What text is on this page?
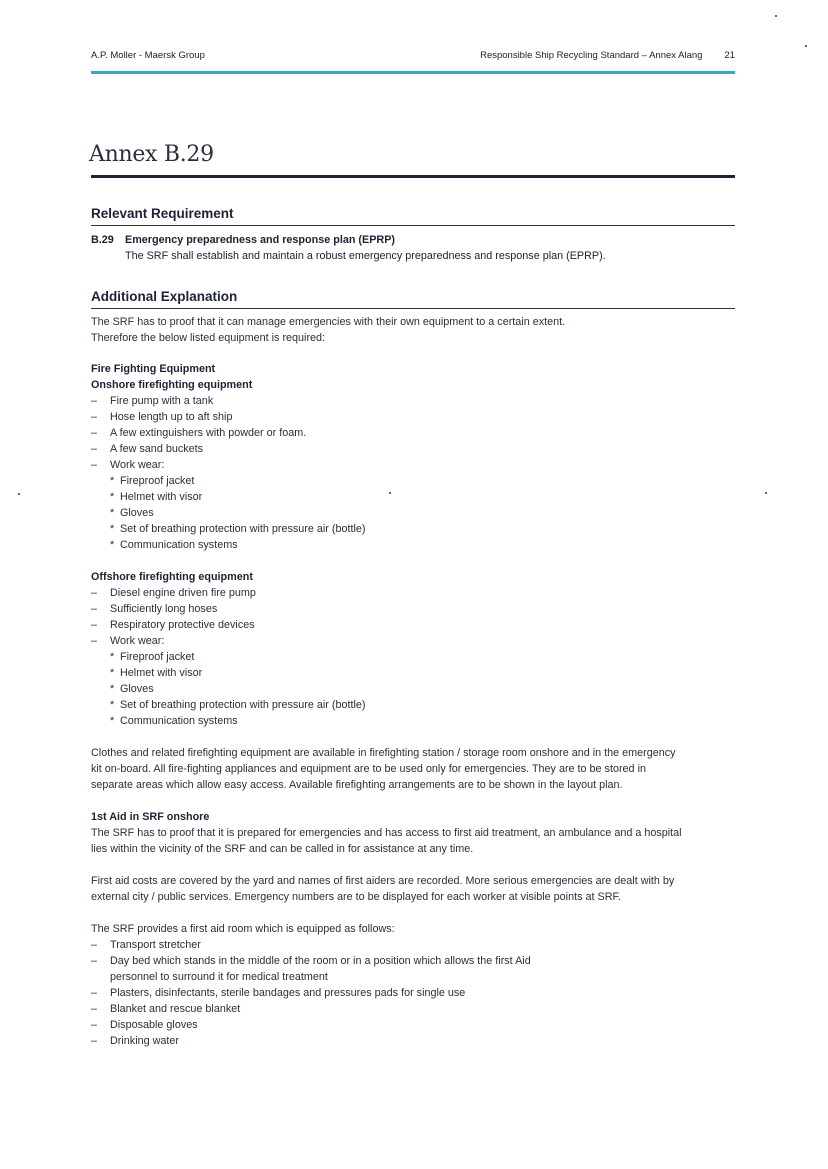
A.P. Moller - Maersk Group	Responsible Ship Recycling Standard – Annex Alang 21
Annex B.29
Relevant Requirement
B.29	Emergency preparedness and response plan (EPRP)
The SRF shall establish and maintain a robust emergency preparedness and response plan (EPRP).
Additional Explanation
The SRF has to proof that it can manage emergencies with their own equipment to a certain extent.
Therefore the below listed equipment is required:
Fire Fighting Equipment
Onshore firefighting equipment
– Fire pump with a tank
– Hose length up to aft ship
– A few extinguishers with powder or foam.
– A few sand buckets
– Work wear:
* Fireproof jacket
* Helmet with visor
* Gloves
* Set of breathing protection with pressure air (bottle)
* Communication systems
Offshore firefighting equipment
– Diesel engine driven fire pump
– Sufficiently long hoses
– Respiratory protective devices
– Work wear:
* Fireproof jacket
* Helmet with visor
* Gloves
* Set of breathing protection with pressure air (bottle)
* Communication systems
Clothes and related firefighting equipment are available in firefighting station / storage room onshore and in the emergency
kit on-board. All fire-fighting appliances and equipment are to be used only for emergencies. They are to be stored in
separate areas which allow easy access. Available firefighting arrangements are to be shown in the layout plan.
1st Aid in SRF onshore
The SRF has to proof that it is prepared for emergencies and has access to first aid treatment, an ambulance and a hospital
lies within the vicinity of the SRF and can be called in for assistance at any time.
First aid costs are covered by the yard and names of first aiders are recorded. More serious emergencies are dealt with by
external city / public services. Emergency numbers are to be displayed for each worker at visible points at SRF.
The SRF provides a first aid room which is equipped as follows:
– Transport stretcher
– Day bed which stands in the middle of the room or in a position which allows the first Aid
personnel to surround it for medical treatment
– Plasters, disinfectants, sterile bandages and pressures pads for single use
– Blanket and rescue blanket
– Disposable gloves
– Drinking water
